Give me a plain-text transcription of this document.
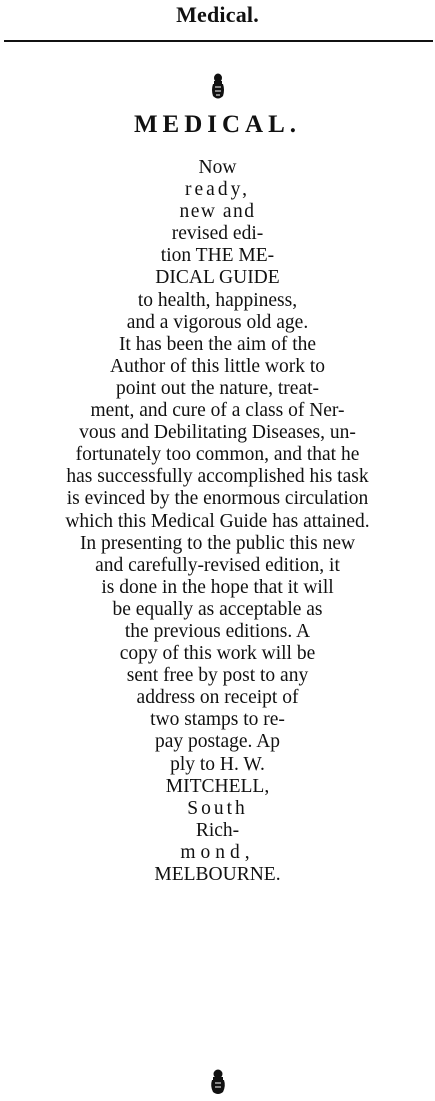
Medical.
MEDICAL.
Now
ready,
new and
revised edi-
tion THE ME-
DICAL GUIDE
to health, happiness,
and a vigorous old age.
It has been the aim of the
Author of this little work to
point out the nature, treat-
ment, and cure of a class of Ner-
vous and Debilitating Diseases, un-
fortunately too common, and that he
has successfully accomplished his task
is evinced by the enormous circulation
which this Medical Guide has attained.
In presenting to the public this new
and carefully-revised edition, it
is done in the hope that it will
be equally as acceptable as
the previous editions. A
copy of this work will be
sent free by post to any
address on receipt of
two stamps to re-
pay postage. Ap
ply to H. W.
MITCHELL,
South
Rich-
mond,
MELBOURNE.
